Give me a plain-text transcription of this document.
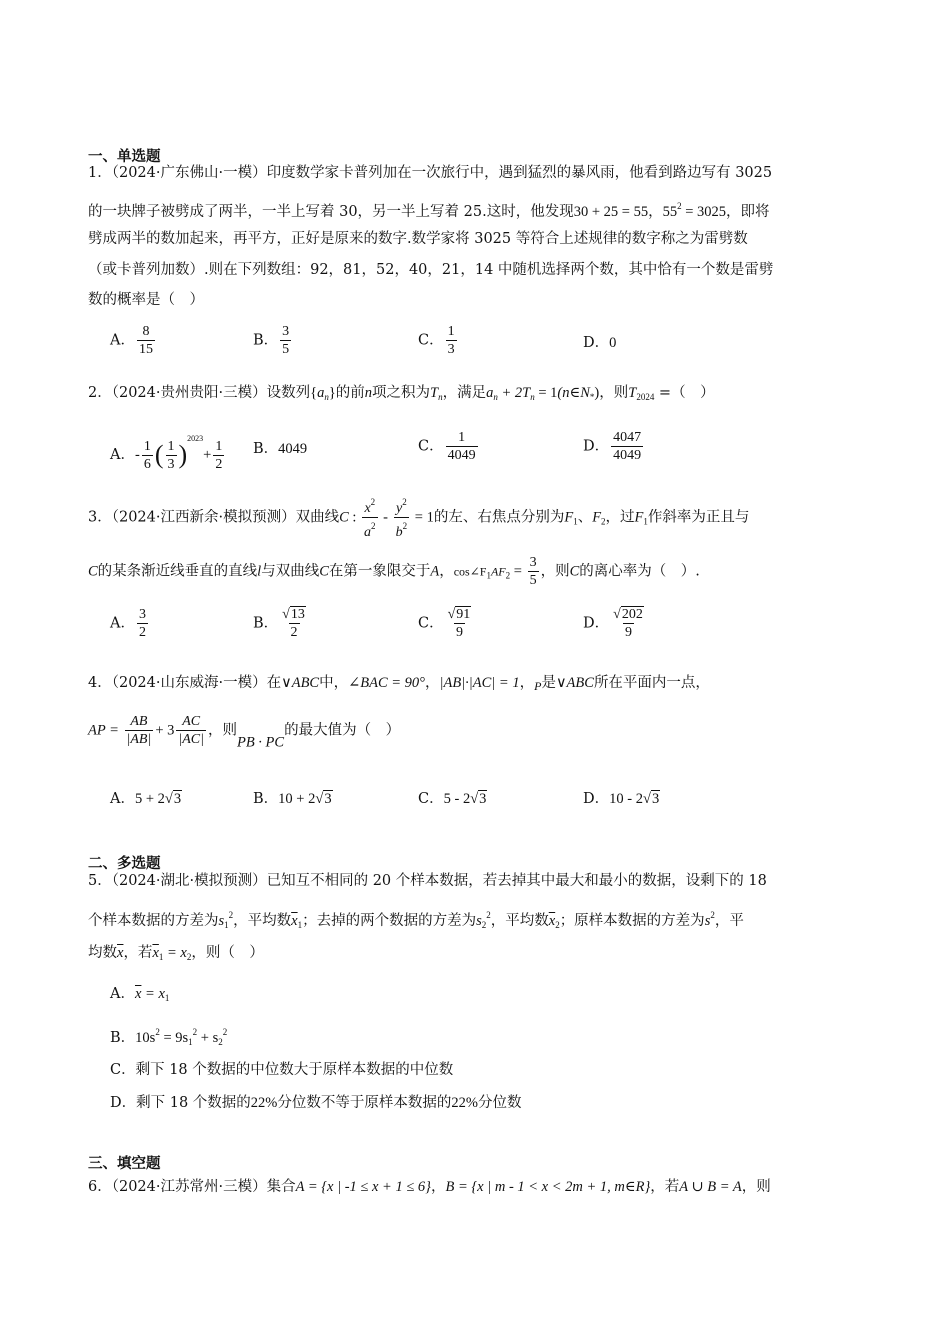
一、单选题
1．（2024·广东佛山·一模）印度数学家卡普列加在一次旅行中，遇到猛烈的暴风雨，他看到路边写有 3025
的一块牌子被劈成了两半，一半上写着 30，另一半上写着 25.这时，他发现30 + 25 = 55，$55^2 = 3025$，即将
劈成两半的数加起来，再平方，正好是原来的数字.数学家将 3025 等符合上述规律的数字称之为雷劈数
（或卡普列加数）.则在下列数组：92，81，52，40，21，14 中随机选择两个数，其中恰有一个数是雷劈
数的概率是（　）
A． $\frac{8}{15}$	B． $\frac{3}{5}$	C． $\frac{1}{3}$	D．0
2．（2024·贵州贵阳·三模）设数列$\{a_n\}$的前n项之积为$T_n$，满足$a_n + 2T_n$ = $1(n\in N_*)$，则$T_{2024}$ =（　）
A．- $\frac{1}{6}$ ( $\frac{1}{3} )^{2023}+ \frac{1}{2}$ B．4049	C． $\frac{1}{4049}$	D． $\frac{4047}{4049}$
3．（2024·江西新余·模拟预测）双曲线C : $\frac{x^2}{a^2} - \frac{y^2}{b^2} = 1$的左、右焦点分别为$F_1$、$F_2$，过$F_1$作斜率为正且与
C的某条渐近线垂直的直线l与双曲线C在第一象限交于A，$\cos\angle F_1AF_2 = \frac{3}{5}$ ，则C的离心率为（　）.
A． $\frac{3}{2}$	B． $\frac{√13}{2}$	C． $\frac{√91}{9}$	D． $\frac{√202}{9}$
4．（2024·山东威海·一模）在∨ABC中，∠BAC = 90°，|AB|·|AC| = 1，$_P$是∨ABC所在平面内一点，
AP = $\frac{AB}{|AB|} + 3 \frac{AC}{|AC|}$ ，则PB · PC的最大值为（　）
A．5 + 2√3	B．10 + 2√3	C．5 - 2√3	D．10 - 2√3
二、多选题
5．（2024·湖北·模拟预测）已知互不相同的 20 个样本数据，若去掉其中最大和最小的数据，设剩下的 18
个样本数据的方差为$s_1^2$，平均数$\overline{x}_1$；去掉的两个数据的方差为$s_2^2$，平均数$\overline{x}_2$；原样本数据的方差为$s^2$，平
均数$\overline{x}$，若$\overline{x}_1 = x_2$，则（　）
A．$\overline{x} = x_1$
B．$10s^2 = 9s_1^2 + s_2^2$
C．剩下 18 个数据的中位数大于原样本数据的中位数
D．剩下 18 个数据的22%分位数不等于原样本数据的22%分位数
三、填空题
6．（2024·江苏常州·三模）集合A = {x | -1 ≤ x + 1 ≤ 6}，B = {x | m - 1 < x < 2m + 1, m∈R}，若A ∪ B = A，则
